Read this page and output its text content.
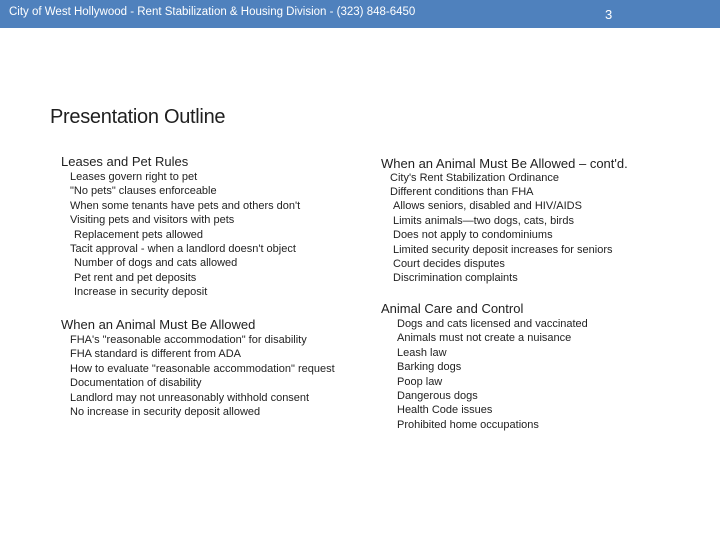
City of West Hollywood - Rent Stabilization & Housing Division - (323) 848-6450	3
Presentation Outline
Leases and Pet Rules
Leases govern right to pet
"No pets" clauses enforceable
When some tenants have pets and others don't
Visiting pets and visitors with pets
Replacement pets allowed
Tacit approval - when a landlord doesn't object
Number of dogs and cats allowed
Pet rent and pet deposits
Increase in security deposit
When an Animal Must Be Allowed
FHA's "reasonable accommodation" for disability
FHA standard is different from ADA
How to evaluate "reasonable accommodation" request
Documentation of disability
Landlord may not unreasonably withhold consent
No increase in security deposit allowed
When an Animal Must Be Allowed – cont'd.
City's Rent Stabilization Ordinance
Different conditions than FHA
Allows seniors, disabled and HIV/AIDS
Limits animals—two dogs, cats, birds
Does not apply to condominiums
Limited security deposit increases for seniors
Court decides disputes
Discrimination complaints
Animal Care and Control
Dogs and cats licensed and vaccinated
Animals must not create a nuisance
Leash law
Barking dogs
Poop law
Dangerous dogs
Health Code issues
Prohibited home occupations
